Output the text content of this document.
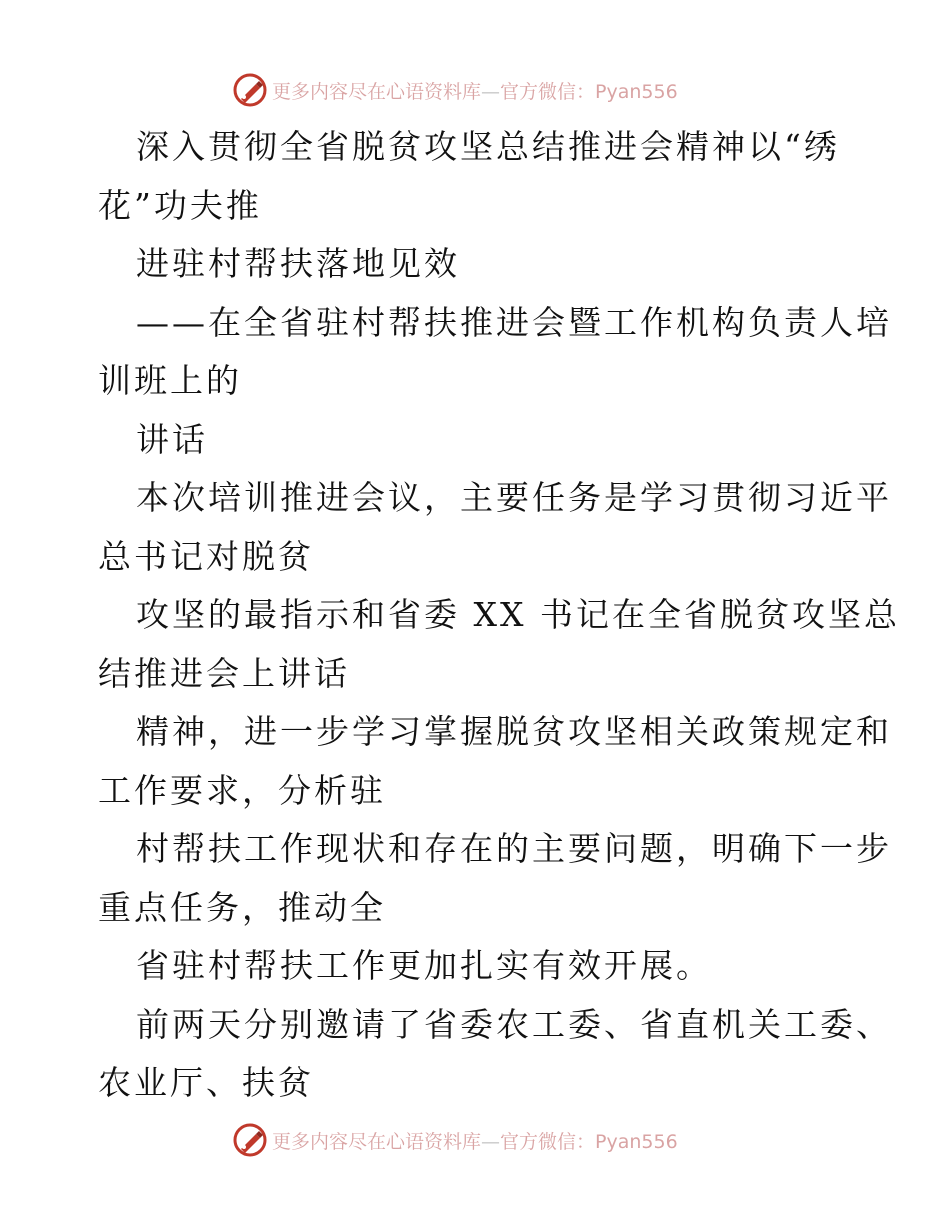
更多内容尽在心语资料库—官方微信：Pyan556
深入贯彻全省脱贫攻坚总结推进会精神以“绣
花”功夫推
进驻村帮扶落地见效
——在全省驻村帮扶推进会暨工作机构负责人培
训班上的
讲话
本次培训推进会议，主要任务是学习贯彻习近平
总书记对脱贫
攻坚的最指示和省委 XX 书记在全省脱贫攻坚总
结推进会上讲话
精神，进一步学习掌握脱贫攻坚相关政策规定和
工作要求，分析驻
村帮扶工作现状和存在的主要问题，明确下一步
重点任务，推动全
省驻村帮扶工作更加扎实有效开展。
前两天分别邀请了省委农工委、省直机关工委、
农业厅、扶贫
更多内容尽在心语资料库—官方微信：Pyan556
